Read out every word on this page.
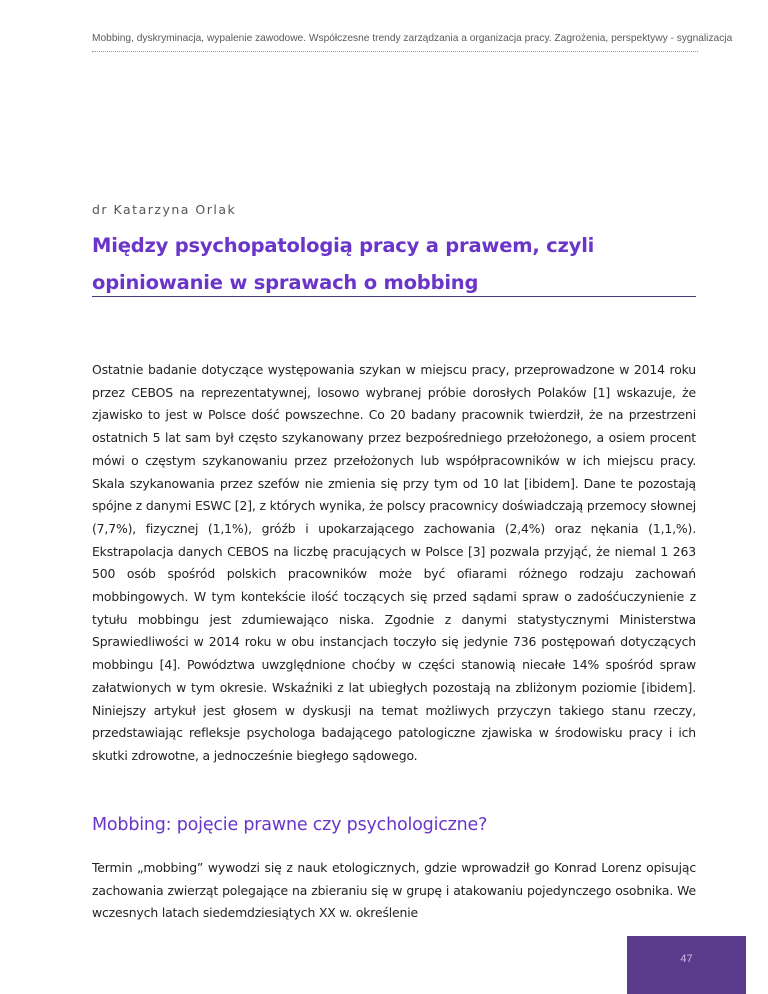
Mobbing, dyskryminacja, wypalenie zawodowe. Współczesne trendy zarządzania a organizacja pracy. Zagrożenia, perspektywy - sygnalizacja
dr Katarzyna Orlak
Między psychopatologią pracy a prawem, czyli opiniowanie w sprawach o mobbing

Ostatnie badanie dotyczące występowania szykan w miejscu pracy, przeprowadzone w 2014 roku przez CEBOS na reprezentatywnej, losowo wybranej próbie dorosłych Polaków [1] wskazuje, że zjawisko to jest w Polsce dość powszechne. Co 20 badany pracownik twierdził, że na przestrzeni ostatnich 5 lat sam był często szykanowany przez bezpośredniego przełożonego, a osiem procent mówi o częstym szykanowaniu przez przełożonych lub współpracowników w ich miejscu pracy. Skala szykanowania przez szefów nie zmienia się przy tym od 10 lat [ibidem]. Dane te pozostają spójne z danymi ESWC [2], z których wynika, że polscy pracownicy doświadczają przemocy słownej (7,7%), fizycznej (1,1%), gróźb i upokarzającego zachowania (2,4%) oraz nękania (1,1,%). Ekstrapolacja danych CEBOS na liczbę pracujących w Polsce [3] pozwala przyjąć, że niemal 1 263 500 osób spośród polskich pracowników może być ofiarami różnego rodzaju zachowań mobbingowych. W tym kontekście ilość toczących się przed sądami spraw o zadośćuczynienie z tytułu mobbingu jest zdumiewająco niska. Zgodnie z danymi statystycznymi Ministerstwa Sprawiedliwości w 2014 roku w obu instancjach toczyło się jedynie 736 postępowań dotyczących mobbingu [4]. Powództwa uwzględnione choćby w części stanowią niecałe 14% spośród spraw załatwionych w tym okresie. Wskaźniki z lat ubiegłych pozostają na zbliżonym poziomie [ibidem]. Niniejszy artykuł jest głosem w dyskusji na temat możliwych przyczyn takiego stanu rzeczy, przedstawiając refleksje psychologa badającego patologiczne zjawiska w środowisku pracy i ich skutki zdrowotne, a jednocześnie biegłego sądowego.

Mobbing: pojęcie prawne czy psychologiczne?

Termin „mobbing” wywodzi się z nauk etologicznych, gdzie wprowadził go Konrad Lorenz opisując zachowania zwierząt polegające na zbieraniu się w grupę i atakowaniu pojedynczego osobnika. We wczesnych latach siedemdziesiątych XX w. określenie

47
